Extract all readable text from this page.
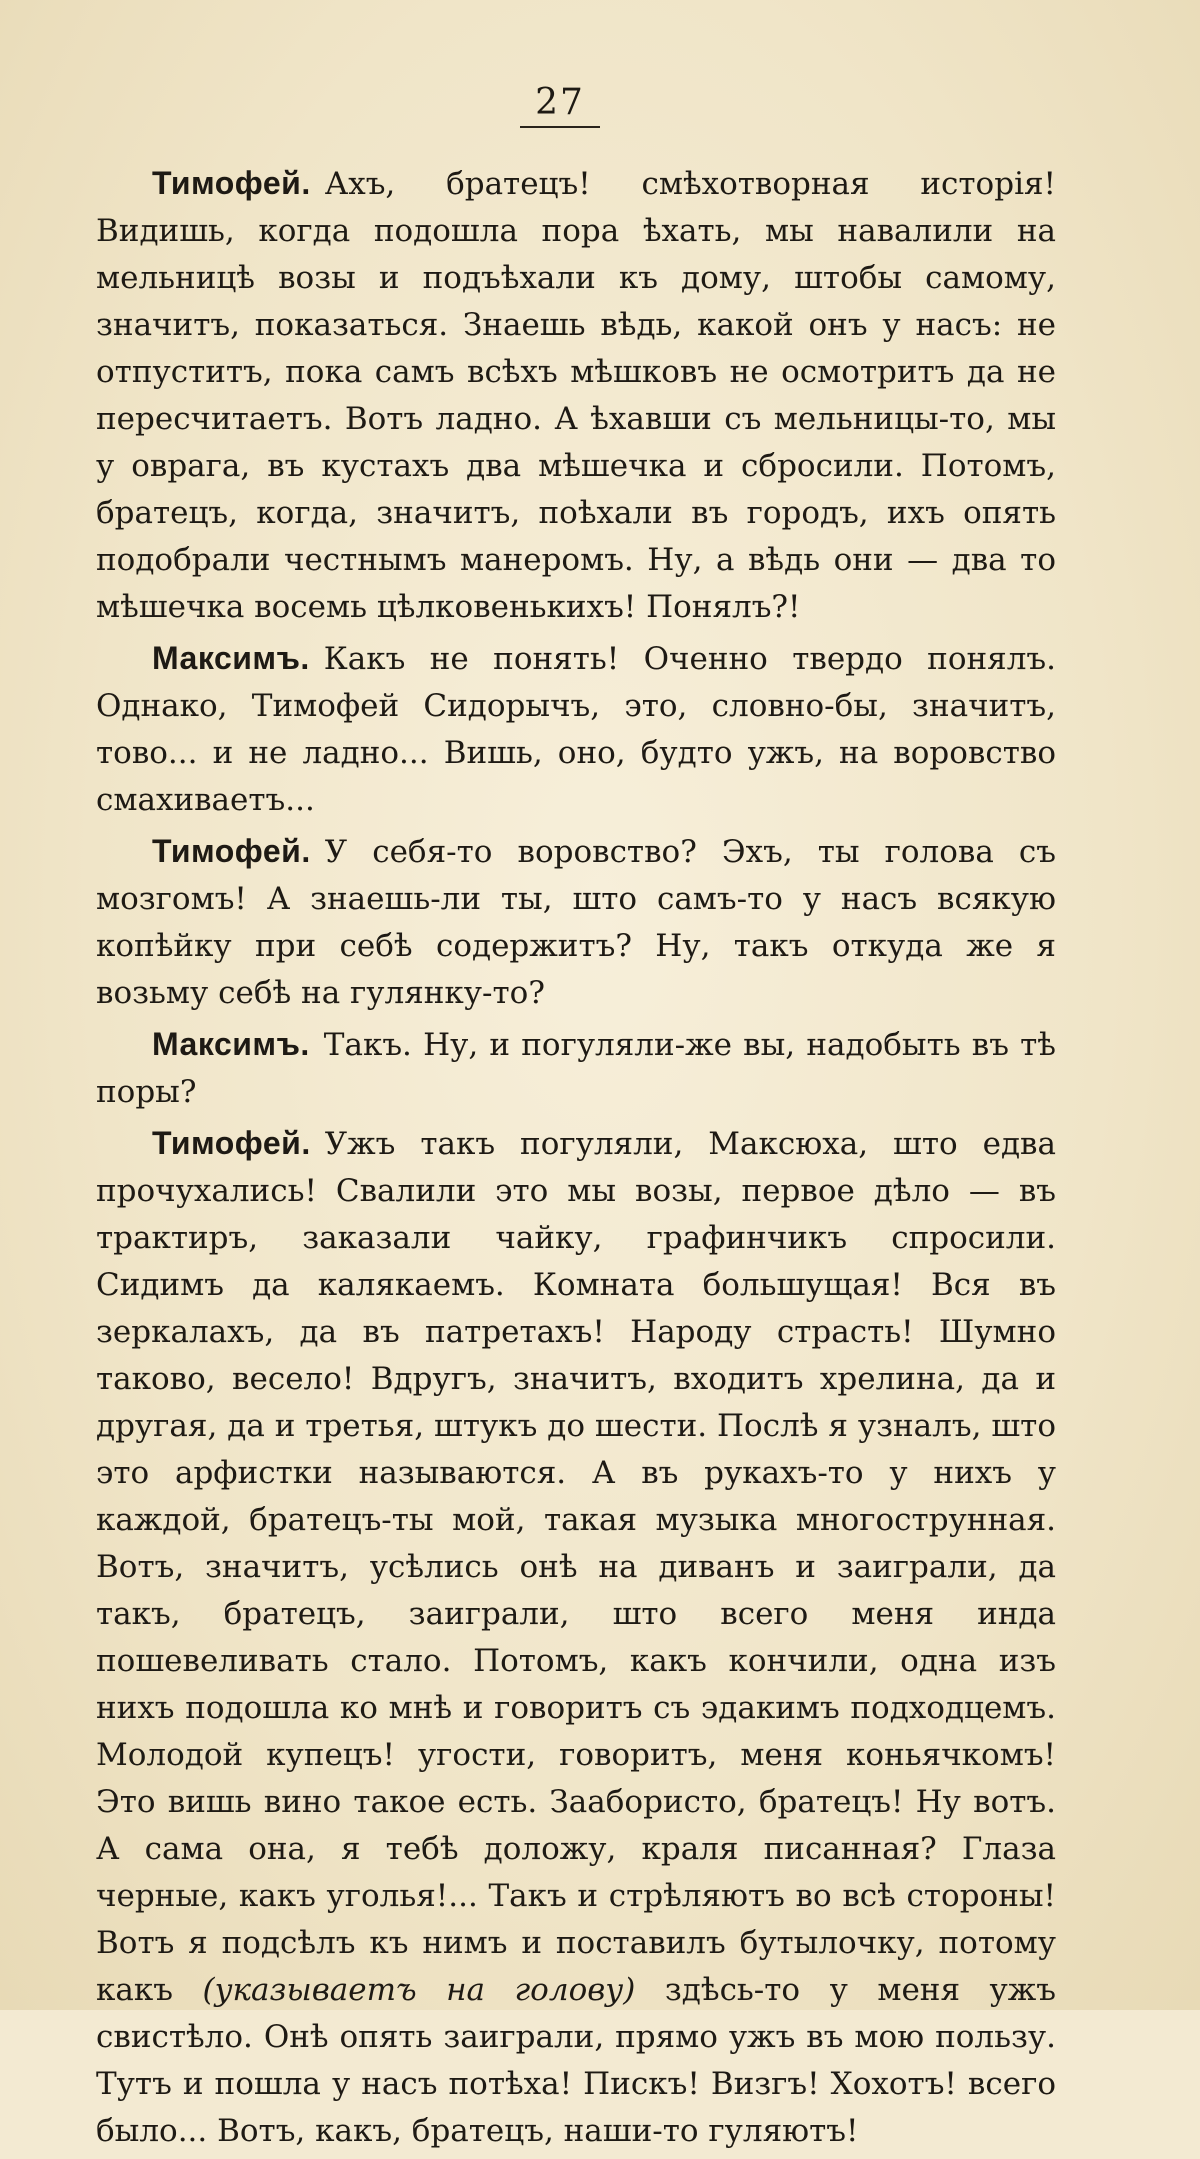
27

Тимофей. Ахъ, братецъ! смѣхотворная исторія! Видишь, когда подошла пора ѣхать, мы навалили на мельницѣ возы и подъѣхали къ дому, штобы самому, значитъ, показаться. Знаешь вѣдь, какой онъ у насъ: не отпуститъ, пока самъ всѣхъ мѣшковъ не осмотритъ да не пересчитаетъ. Вотъ ладно. А ѣхавши съ мельницы-то, мы у оврага, въ кустахъ два мѣшечка и сбросили. Потомъ, братецъ, когда, значитъ, поѣхали въ городъ, ихъ опять подобрали честнымъ манеромъ. Ну, а вѣдь они — два то мѣшечка восемь цѣлковенькихъ! Понялъ?!

Максимъ. Какъ не понять! Оченно твердо понялъ. Однако, Тимофей Сидорычъ, это, словно-бы, значитъ, тово... и не ладно... Вишь, оно, будто ужъ, на воровство смахиваетъ...

Тимофей. У себя-то воровство? Эхъ, ты голова съ мозгомъ! А знаешь-ли ты, што самъ-то у насъ всякую копѣйку при себѣ содержитъ? Ну, такъ откуда же я возьму себѣ на гулянку-то?

Максимъ. Такъ. Ну, и погуляли-же вы, надобыть въ тѣ поры?

Тимофей. Ужъ такъ погуляли, Максюха, што едва прочухались! Свалили это мы возы, первое дѣло — въ трактиръ, заказали чайку, графинчикъ спросили. Сидимъ да калякаемъ. Комната большущая! Вся въ зеркалахъ, да въ патретахъ! Народу страсть! Шумно таково, весело! Вдругъ, значитъ, входитъ хрелина, да и другая, да и третья, штукъ до шести. Послѣ я узналъ, што это арфистки называются. А въ рукахъ-то у нихъ у каждой, братецъ-ты мой, такая музыка многострунная. Вотъ, значитъ, усѣлись онѣ на диванъ и заиграли, да такъ, братецъ, заиграли, што всего меня инда пошевеливать стало. Потомъ, какъ кончили, одна изъ нихъ подошла ко мнѣ и говоритъ съ эдакимъ подходцемъ. Молодой купецъ! угости, говоритъ, меня коньячкомъ! Это вишь вино такое есть. Заабористо, братецъ! Ну вотъ. А сама она, я тебѣ доложу, краля писанная? Глаза черные, какъ уголья!... Такъ и стрѣляютъ во всѣ стороны! Вотъ я подсѣлъ къ нимъ и поставилъ бутылочку, потому какъ (указываетъ на голову) здѣсь-то у меня ужъ свистѣло. Онѣ опять заиграли, прямо ужъ въ мою пользу. Тутъ и пошла у насъ потѣха! Пискъ! Визгъ! Хохотъ! всего было... Вотъ, какъ, братецъ, наши-то гуляютъ!
